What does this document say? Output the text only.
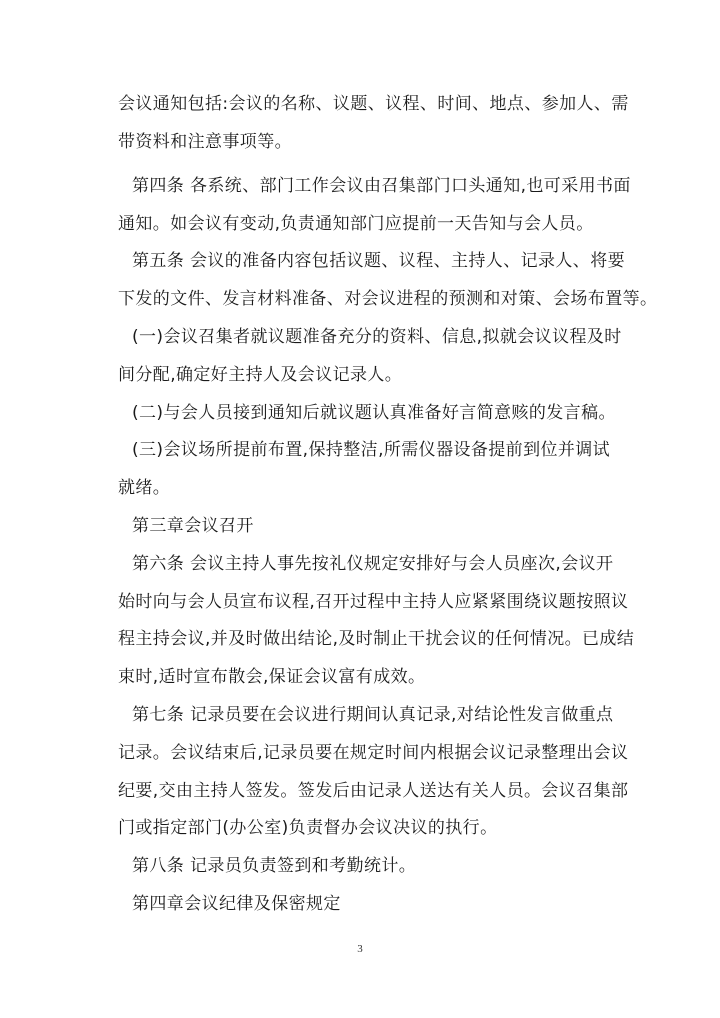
会议通知包括:会议的名称、议题、议程、时间、地点、参加人、需
带资料和注意事项等。
第四条 各系统、部门工作会议由召集部门口头通知,也可采用书面
通知。如会议有变动,负责通知部门应提前一天告知与会人员。
第五条 会议的准备内容包括议题、议程、主持人、记录人、将要
下发的文件、发言材料准备、对会议进程的预测和对策、会场布置等。
(一)会议召集者就议题准备充分的资料、信息,拟就会议议程及时
间分配,确定好主持人及会议记录人。
(二)与会人员接到通知后就议题认真准备好言简意赅的发言稿。
(三)会议场所提前布置,保持整洁,所需仪器设备提前到位并调试
就绪。
第三章会议召开
第六条 会议主持人事先按礼仪规定安排好与会人员座次,会议开
始时向与会人员宣布议程,召开过程中主持人应紧紧围绕议题按照议
程主持会议,并及时做出结论,及时制止干扰会议的任何情况。已成结
束时,适时宣布散会,保证会议富有成效。
第七条 记录员要在会议进行期间认真记录,对结论性发言做重点
记录。会议结束后,记录员要在规定时间内根据会议记录整理出会议
纪要,交由主持人签发。签发后由记录人送达有关人员。会议召集部
门或指定部门(办公室)负责督办会议决议的执行。
第八条 记录员负责签到和考勤统计。
第四章会议纪律及保密规定
3
